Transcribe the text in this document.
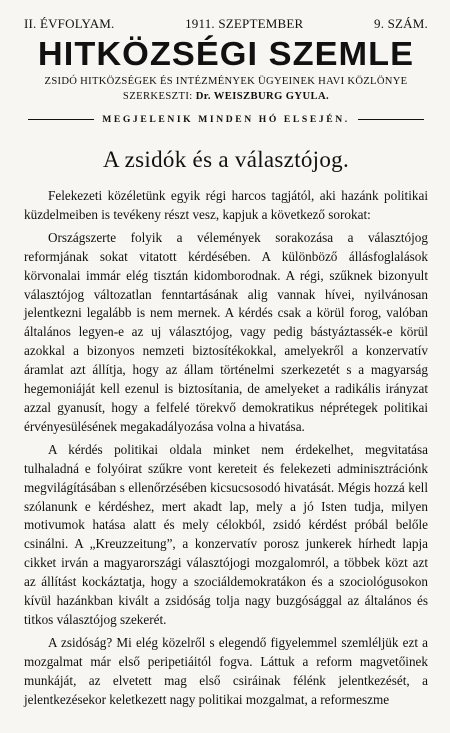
II. ÉVFOLYAM.	1911. SZEPTEMBER	9. SZÁM.
HITKÖZSÉGI SZEMLE
ZSIDÓ HITKÖZSÉGEK ÉS INTÉZMÉNYEK ÜGYEINEK HAVI KÖZLÖNYE
SZERKESZTI: Dr. WEISZBURG GYULA.
MEGJELENIK MINDEN HÓ ELSEJÉN.
A zsidók és a választójog.

Felekezeti közéletünk egyik régi harcos tagjától, aki hazánk politikai küzdelmeiben is tevékeny részt vesz, kapjuk a következő sorokat:

Országszerte folyik a vélemények sorakozása a választójog reformjának sokat vitatott kérdésében. A különböző állásfoglalások körvonalai immár elég tisztán kidomborodnak. A régi, szűknek bizonyult választójog változatlan fenntartásának alig vannak hívei, nyilvánosan jelentkezni legalább is nem mernek. A kérdés csak a körül forog, valóban általános legyen-e az uj választójog, vagy pedig bástyáztassék-e körül azokkal a bizonyos nemzeti biztosítékokkal, amelyekről a konzervatív áramlat azt állítja, hogy az állam történelmi szerkezetét s a magyarság hegemoniáját kell ezenul is biztosítania, de amelyeket a radikális irányzat azzal gyanusít, hogy a felfelé törekvő demokratikus néprétegek politikai érvényesülésének megakadályozása volna a hivatása.

A kérdés politikai oldala minket nem érdekelhet, megvitatása tulhaladná e folyóirat szűkre vont kereteit és felekezeti adminisztrációnk megvilágításában s ellenőrzésében kicsucsosodó hivatását. Mégis hozzá kell szólanunk e kérdéshez, mert akadt lap, mely a jó Isten tudja, milyen motivumok hatása alatt és mely célokból, zsidó kérdést próbál belőle csinálni. A „Kreuzzeitung”, a konzervatív porosz junkerek hírhedt lapja cikket irván a magyarországi választójogi mozgalomról, a többek közt azt az állítást kockáztatja, hogy a szociáldemokratákon és a szociológusokon kívül hazánkban kivált a zsidóság tolja nagy buzgósággal az általános és titkos választójog szekerét.

A zsidóság? Mi elég közelről s elegendő figyelemmel szemléljük ezt a mozgalmat már első peripetiáitól fogva. Láttuk a reform magvetőinek munkáját, az elvetett mag első csiráinak félénk jelentkezését, a jelentkezésekor keletkezett nagy politikai mozgalmat, a reformeszme
